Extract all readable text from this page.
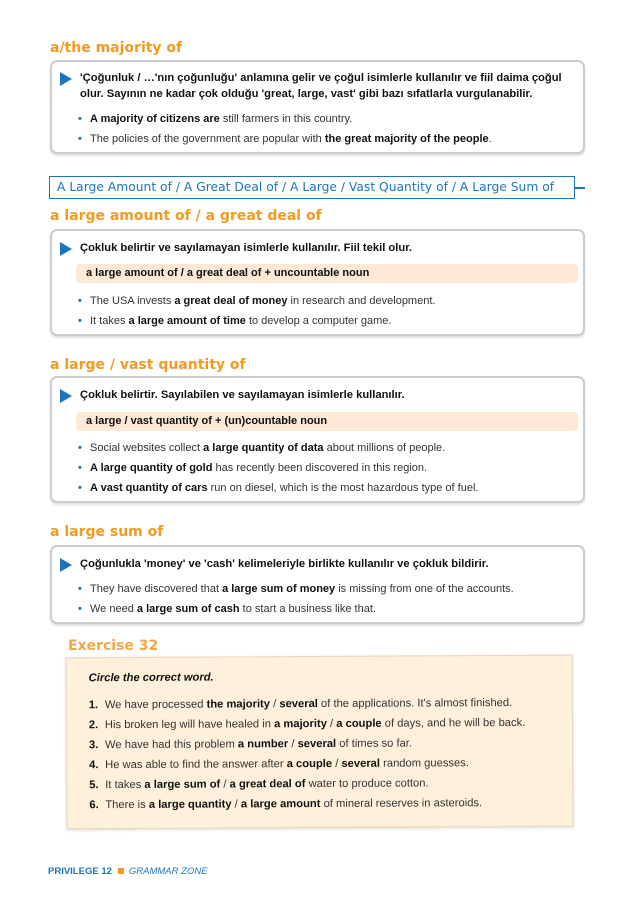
a/the majority of
'Çoğunluk / …'nın çoğunluğu' anlamına gelir ve çoğul isimlerle kullanılır ve fiil daima çoğul olur. Sayının ne kadar çok olduğu 'great, large, vast' gibi bazı sıfatlarla vurgulanabilir.
• A majority of citizens are still farmers in this country.
• The policies of the government are popular with the great majority of the people.
A Large Amount of / A Great Deal of / A Large / Vast Quantity of / A Large Sum of
a large amount of / a great deal of
Çokluk belirtir ve sayılamayan isimlerle kullanılır. Fiil tekil olur.
a large amount of / a great deal of + uncountable noun
• The USA invests a great deal of money in research and development.
• It takes a large amount of time to develop a computer game.
a large / vast quantity of
Çokluk belirtir. Sayılabilen ve sayılamayan isimlerle kullanılır.
a large / vast quantity of + (un)countable noun
• Social websites collect a large quantity of data about millions of people.
• A large quantity of gold has recently been discovered in this region.
• A vast quantity of cars run on diesel, which is the most hazardous type of fuel.
a large sum of
Çoğunlukla 'money' ve 'cash' kelimeleriyle birlikte kullanılır ve çokluk bildirir.
• They have discovered that a large sum of money is missing from one of the accounts.
• We need a large sum of cash to start a business like that.
Exercise 32
Circle the correct word.
1. We have processed the majority / several of the applications. It's almost finished.
2. His broken leg will have healed in a majority / a couple of days, and he will be back.
3. We have had this problem a number / several of times so far.
4. He was able to find the answer after a couple / several random guesses.
5. It takes a large sum of / a great deal of water to produce cotton.
6. There is a large quantity / a large amount of mineral reserves in asteroids.
PRIVILEGE 12 GRAMMAR ZONE
